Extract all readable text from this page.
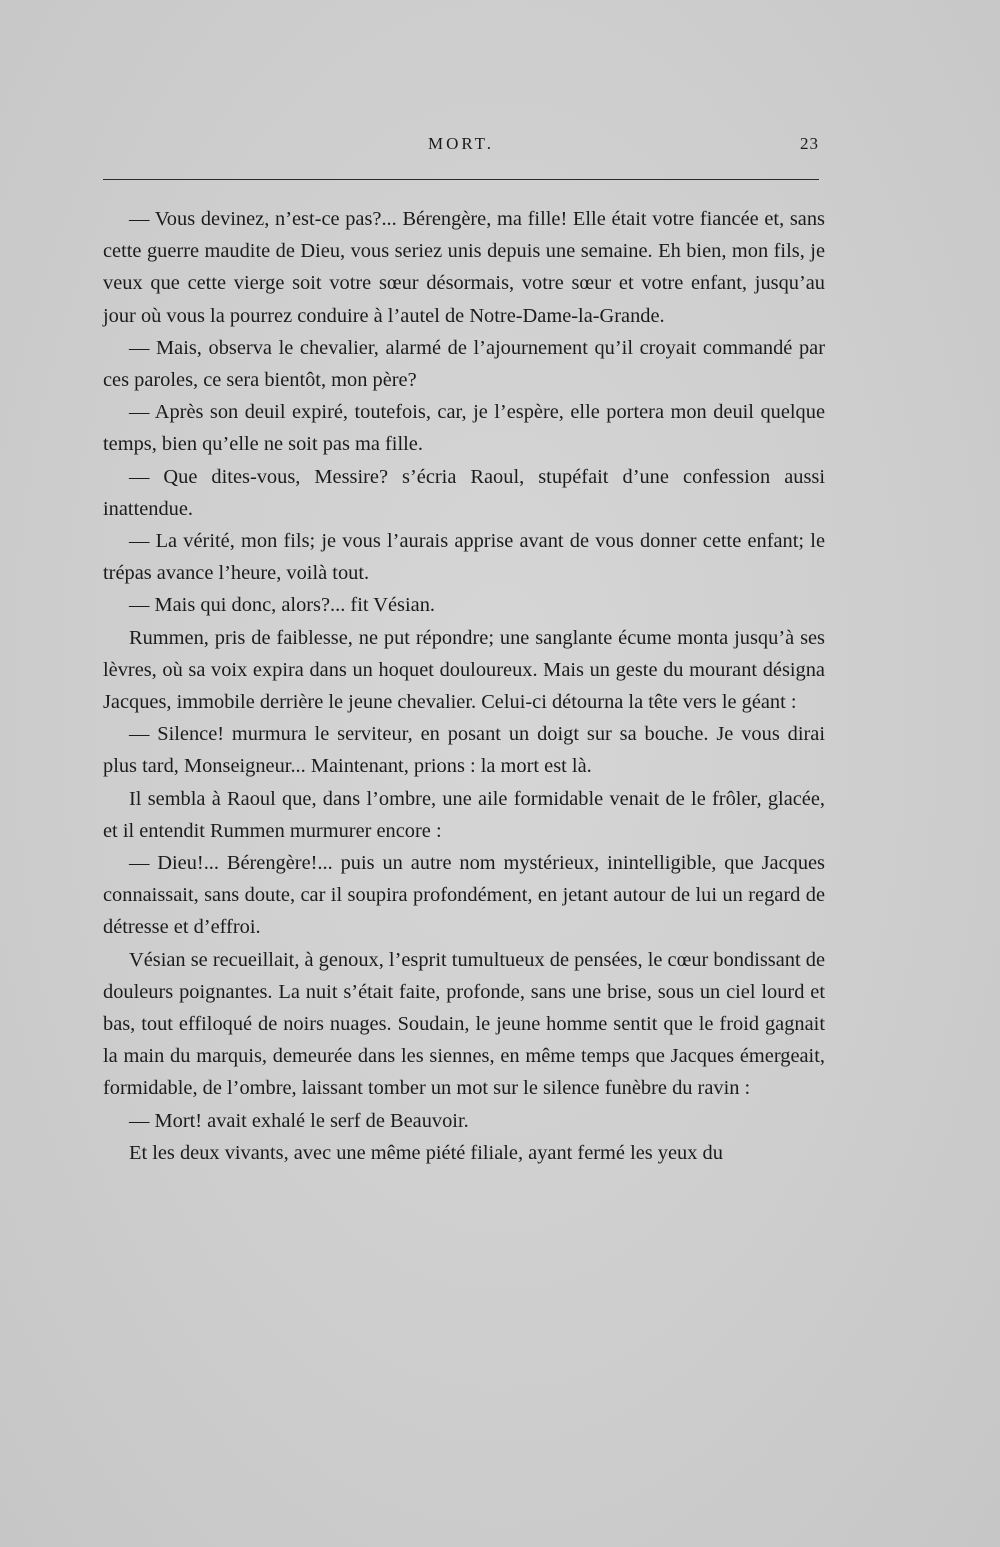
MORT.	23

— Vous devinez, n’est-ce pas?... Bérengère, ma fille! Elle était votre fiancée et, sans cette guerre maudite de Dieu, vous seriez unis depuis une semaine. Eh bien, mon fils, je veux que cette vierge soit votre sœur désormais, votre sœur et votre enfant, jusqu’au jour où vous la pourrez conduire à l’autel de Notre-Dame-la-Grande.

— Mais, observa le chevalier, alarmé de l’ajournement qu’il croyait commandé par ces paroles, ce sera bientôt, mon père?

— Après son deuil expiré, toutefois, car, je l’espère, elle portera mon deuil quelque temps, bien qu’elle ne soit pas ma fille.

— Que dites-vous, Messire? s’écria Raoul, stupéfait d’une confession aussi inattendue.

— La vérité, mon fils; je vous l’aurais apprise avant de vous donner cette enfant; le trépas avance l’heure, voilà tout.

— Mais qui donc, alors?... fit Vésian.

Rummen, pris de faiblesse, ne put répondre; une sanglante écume monta jusqu’à ses lèvres, où sa voix expira dans un hoquet douloureux. Mais un geste du mourant désigna Jacques, immobile derrière le jeune chevalier. Celui-ci détourna la tête vers le géant :

— Silence! murmura le serviteur, en posant un doigt sur sa bouche. Je vous dirai plus tard, Monseigneur... Maintenant, prions : la mort est là.

Il sembla à Raoul que, dans l’ombre, une aile formidable venait de le frôler, glacée, et il entendit Rummen murmurer encore :

— Dieu!... Bérengère!... puis un autre nom mystérieux, inintelligible, que Jacques connaissait, sans doute, car il soupira profondément, en jetant autour de lui un regard de détresse et d’effroi.

Vésian se recueillait, à genoux, l’esprit tumultueux de pensées, le cœur bondissant de douleurs poignantes. La nuit s’était faite, profonde, sans une brise, sous un ciel lourd et bas, tout effiloqué de noirs nuages. Soudain, le jeune homme sentit que le froid gagnait la main du marquis, demeurée dans les siennes, en même temps que Jacques émergeait, formidable, de l’ombre, laissant tomber un mot sur le silence funèbre du ravin :

— Mort! avait exhalé le serf de Beauvoir.

Et les deux vivants, avec une même piété filiale, ayant fermé les yeux du
